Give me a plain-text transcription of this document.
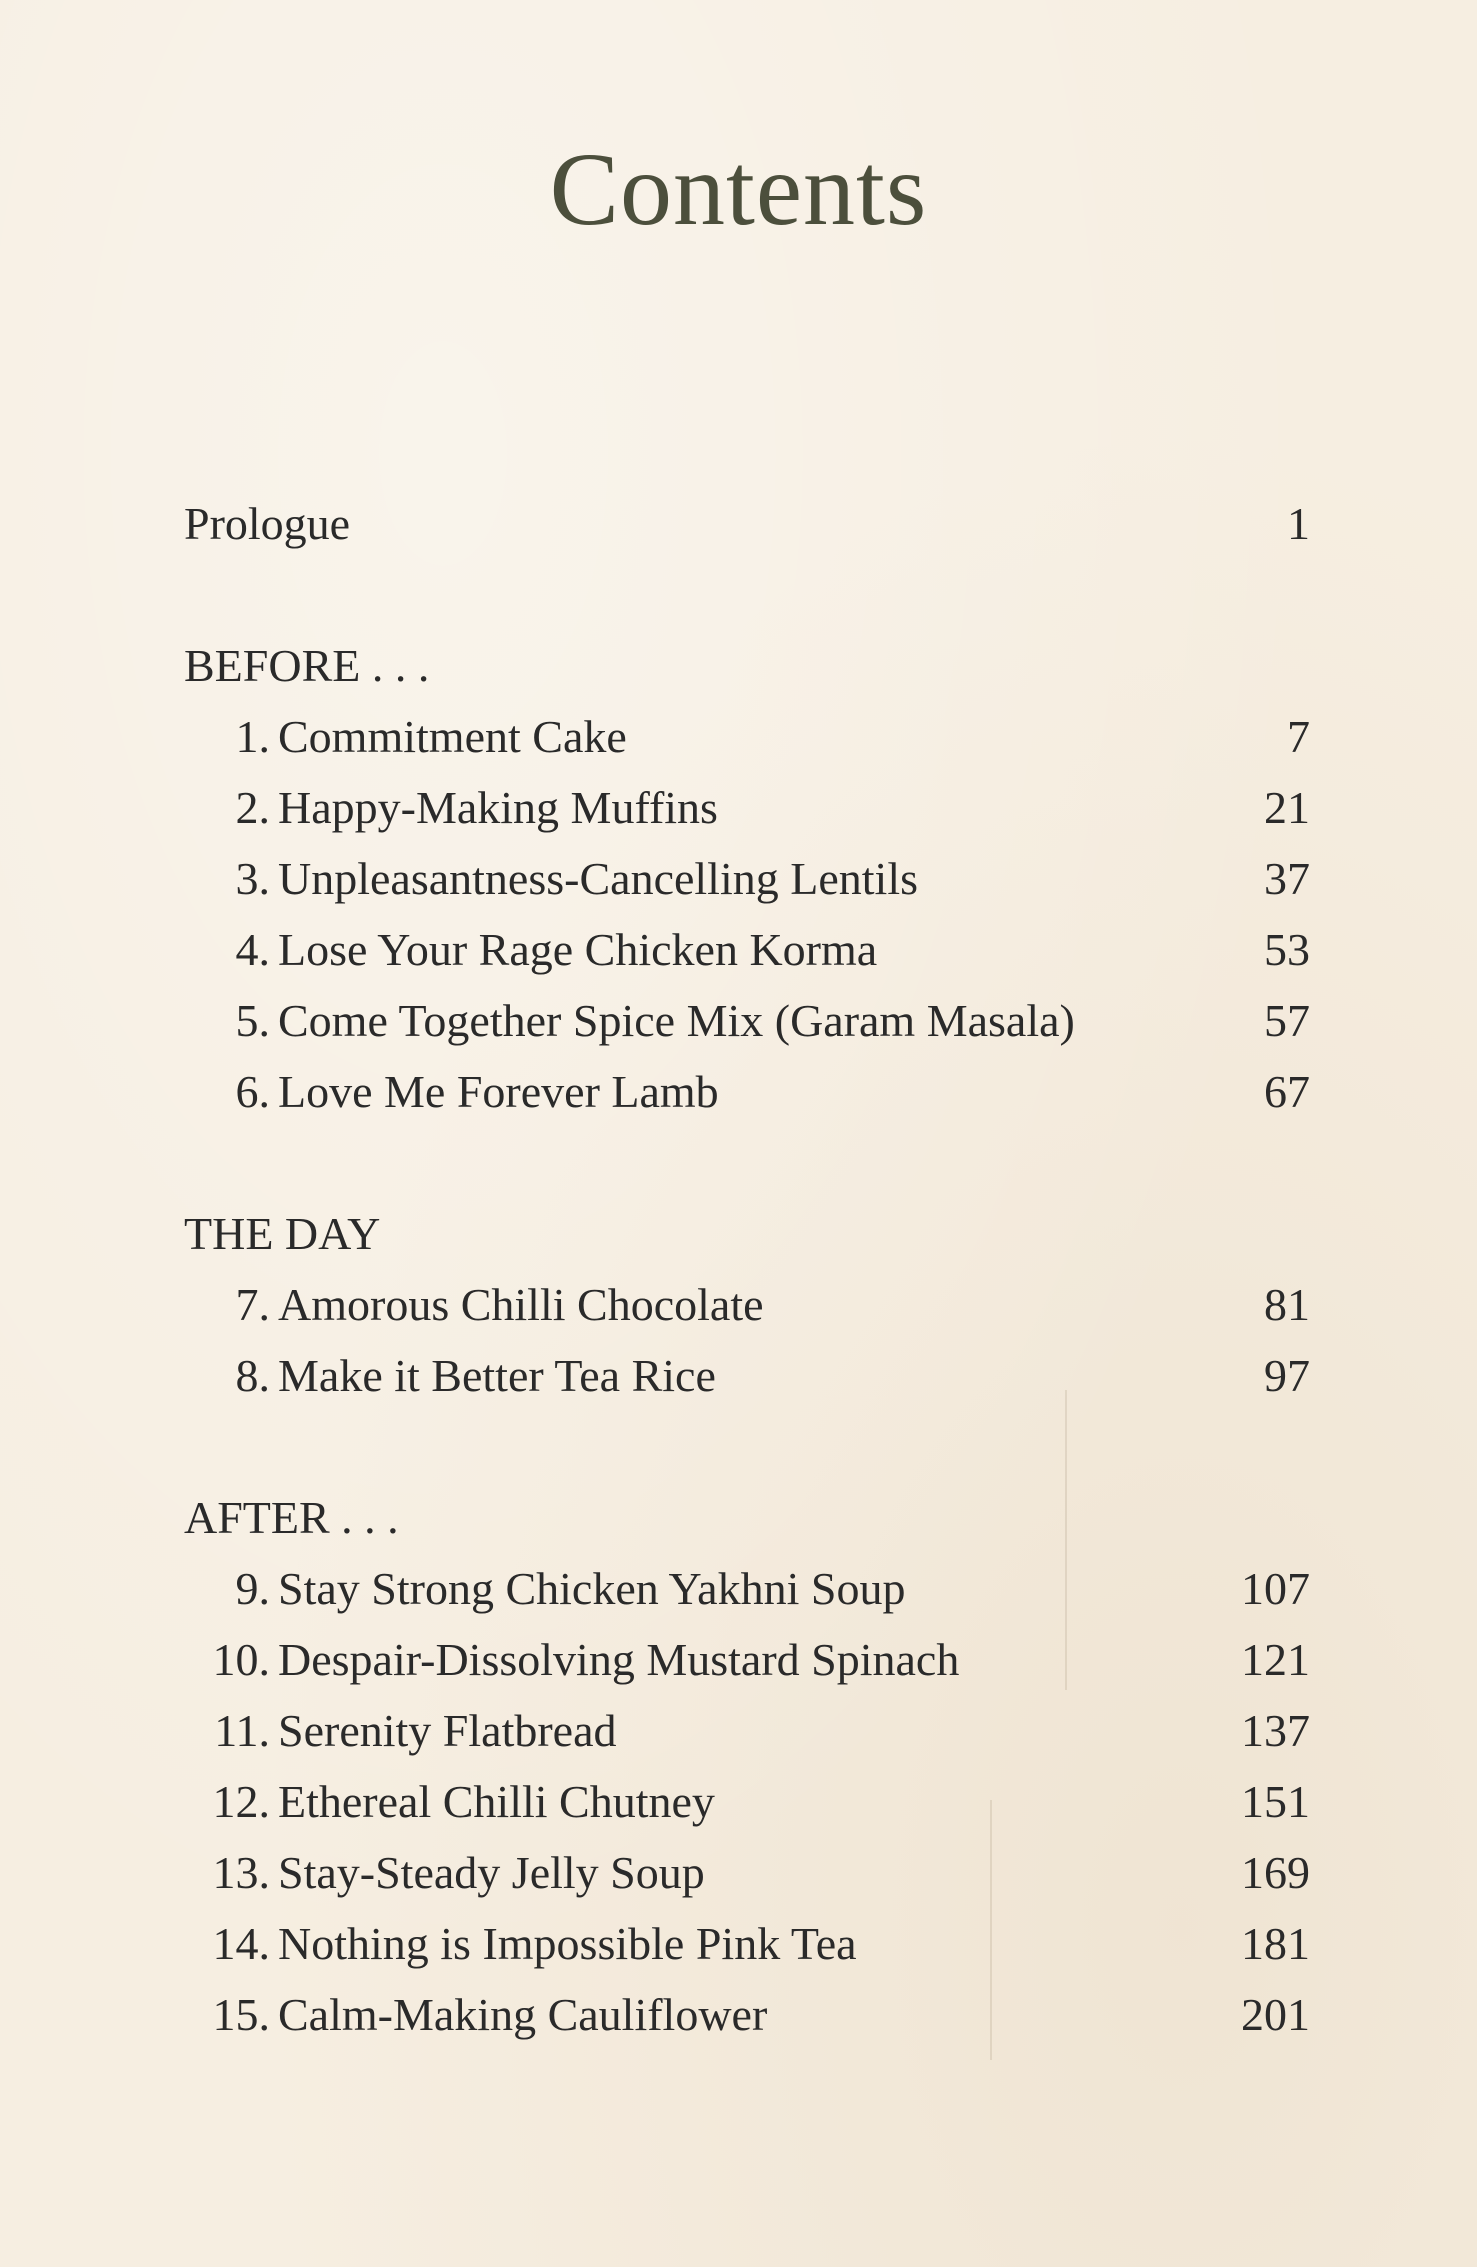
Contents
Prologue	1
BEFORE . . .
1. Commitment Cake	7
2. Happy-Making Muffins	21
3. Unpleasantness-Cancelling Lentils	37
4. Lose Your Rage Chicken Korma	53
5. Come Together Spice Mix (Garam Masala)	57
6. Love Me Forever Lamb	67
THE DAY
7. Amorous Chilli Chocolate	81
8. Make it Better Tea Rice	97
AFTER . . .
9. Stay Strong Chicken Yakhni Soup	107
10. Despair-Dissolving Mustard Spinach	121
11. Serenity Flatbread	137
12. Ethereal Chilli Chutney	151
13. Stay-Steady Jelly Soup	169
14. Nothing is Impossible Pink Tea	181
15. Calm-Making Cauliflower	201
